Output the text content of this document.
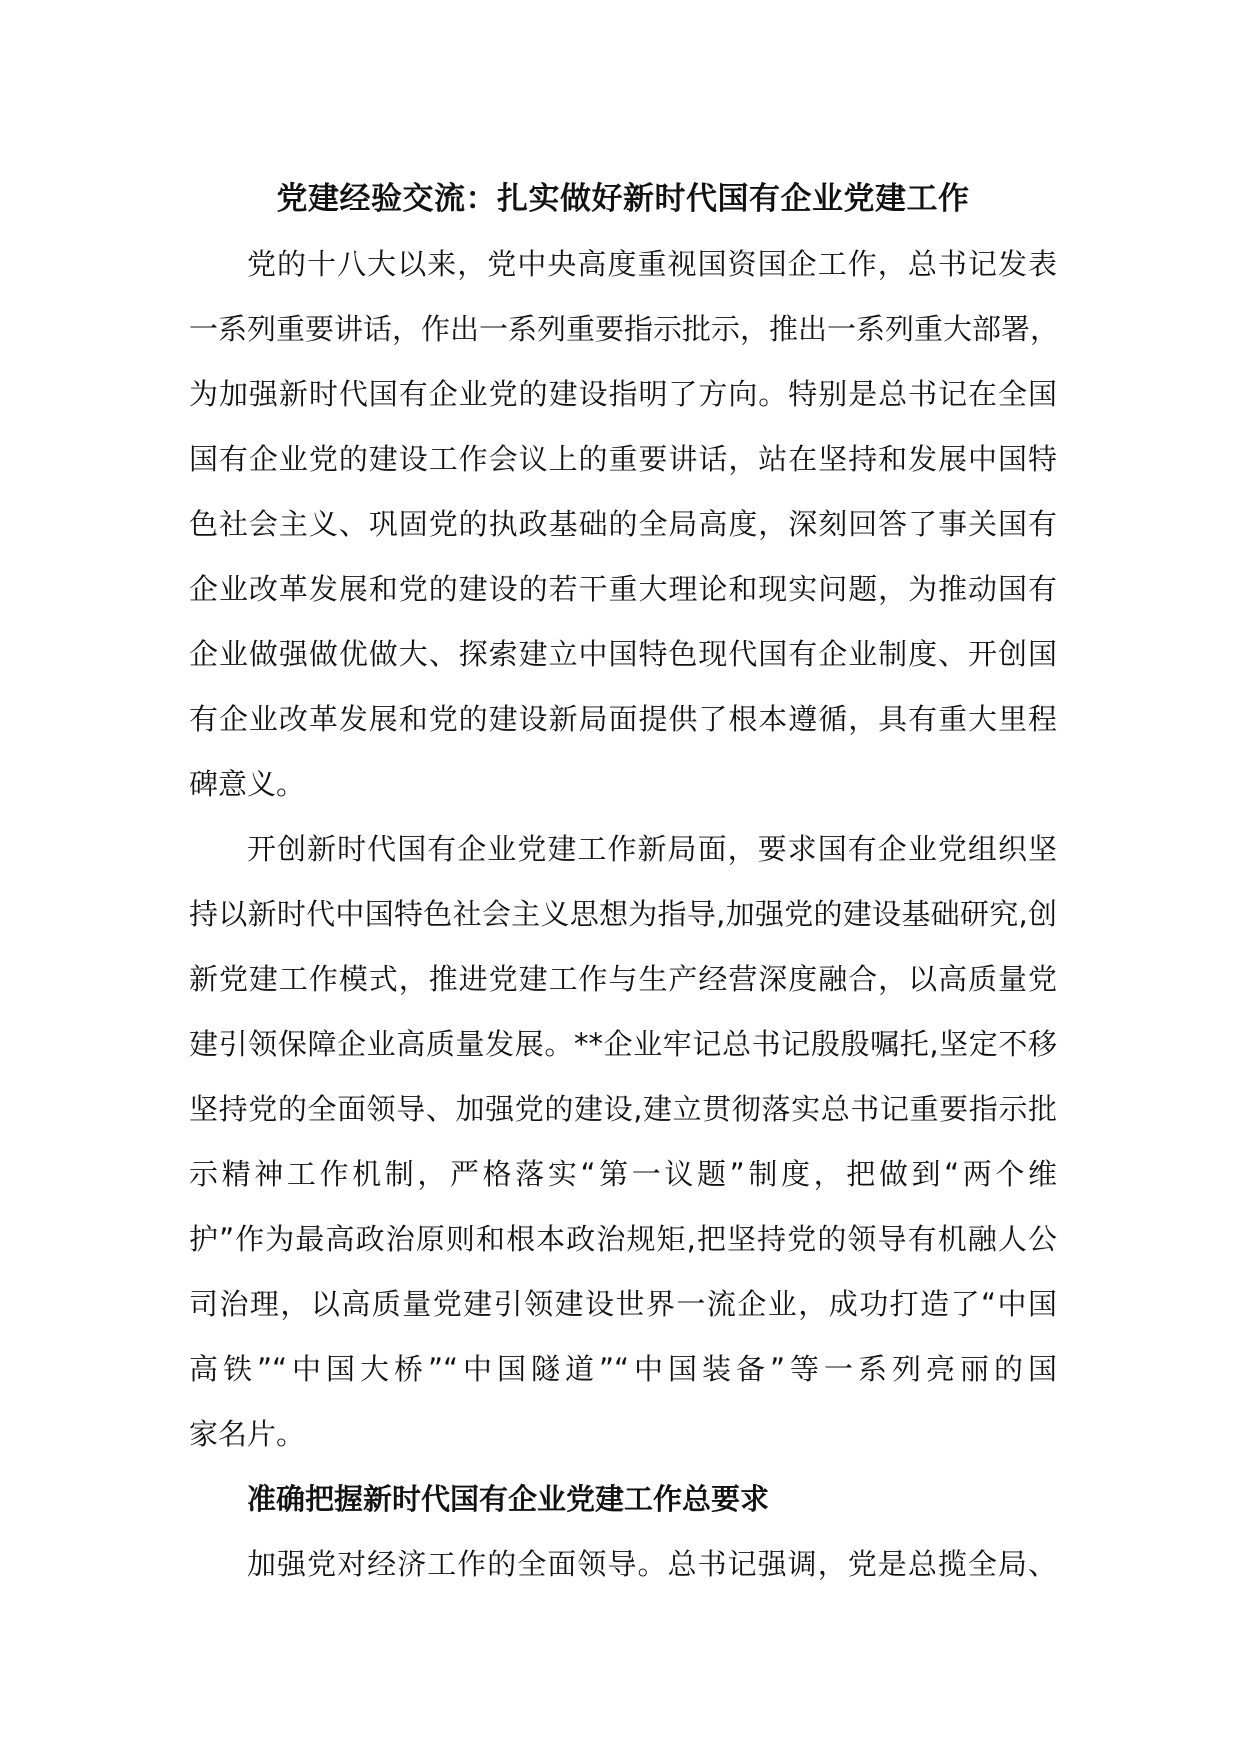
党建经验交流：扎实做好新时代国有企业党建工作
党的十八大以来，党中央高度重视国资国企工作，总书记发表
一系列重要讲话，作出一系列重要指示批示，推出一系列重大部署，
为加强新时代国有企业党的建设指明了方向。特别是总书记在全国
国有企业党的建设工作会议上的重要讲话，站在坚持和发展中国特
色社会主义、巩固党的执政基础的全局高度，深刻回答了事关国有
企业改革发展和党的建设的若干重大理论和现实问题，为推动国有
企业做强做优做大、探索建立中国特色现代国有企业制度、开创国
有企业改革发展和党的建设新局面提供了根本遵循，具有重大里程
碑意义。
开创新时代国有企业党建工作新局面，要求国有企业党组织坚
持以新时代中国特色社会主义思想为指导,加强党的建设基础研究,创
新党建工作模式，推进党建工作与生产经营深度融合，以高质量党
建引领保障企业高质量发展。**企业牢记总书记殷殷嘱托,坚定不移
坚持党的全面领导、加强党的建设,建立贯彻落实总书记重要指示批
示精神工作机制，严格落实“第一议题”制度，把做到“两个维
护”作为最高政治原则和根本政治规矩,把坚持党的领导有机融人公
司治理，以高质量党建引领建设世界一流企业，成功打造了“中国
高铁”“中国大桥”“中国隧道”“中国装备”等一系列亮丽的国
家名片。
准确把握新时代国有企业党建工作总要求
加强党对经济工作的全面领导。总书记强调，党是总揽全局、
